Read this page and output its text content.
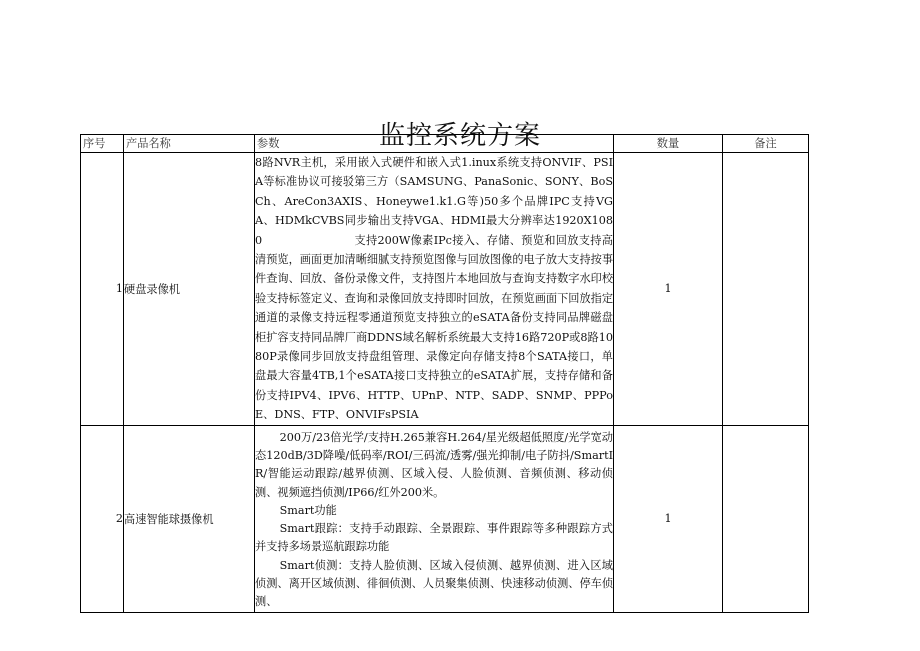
监控系统方案
序号	产品名称	参数	数量	备注
1	硬盘录像机	8路NVR主机，采用嵌入式硬件和嵌入式1.inux系统支持ONVIF、PSIA等标准协议可接驳第三方（SAMSUNG、PanaSonic、SONY、BoSCh、AreCon3AXIS、Honeywe1.k1.G等)50多个品牌IPC支持VGA、HDMkCVBS同步输出支持VGA、HDMI最大分辨率达1920X1080　　　　　　　　支持200W像素IPc接入、存储、预览和回放支持高清预览，画面更加清晰细腻支持预览图像与回放图像的电子放大支持按事件查询、回放、备份录像文件，支持图片本地回放与查询支持数字水印校验支持标签定义、查询和录像回放支持即时回放，在预览画面下回放指定通道的录像支持远程零通道预览支持独立的eSATA备份支持同品牌磁盘柜扩容支持同品牌厂商DDNS域名解析系统最大支持16路720P或8路1080P录像同步回放支持盘组管理、录像定向存储支持8个SATA接口，单盘最大容量4TB,1个eSATA接口支持独立的eSATA扩展，支持存储和备份支持IPV4、IPV6、HTTP、UPnP、NTP、SADP、SNMP、PPPoE、DNS、FTP、ONVIFsPSIA	1	
2	高速智能球摄像机	200万/23倍光学/支持H.265兼容H.264/星光级超低照度/光学宽动态120dB/3D降噪/低码率/ROI/三码流/透雾/强光抑制/电子防抖/SmartIR/智能运动跟踪/越界侦测、区域入侵、人脸侦测、音频侦测、移动侦测、视频遮挡侦测/IP66/红外200米。
Smart功能
Smart跟踪：支持手动跟踪、全景跟踪、事件跟踪等多种跟踪方式并支持多场景巡航跟踪功能
Smart侦测：支持人脸侦测、区域入侵侦测、越界侦测、进入区域侦测、离开区域侦测、徘徊侦测、人员聚集侦测、快速移动侦测、停车侦测、	1	
